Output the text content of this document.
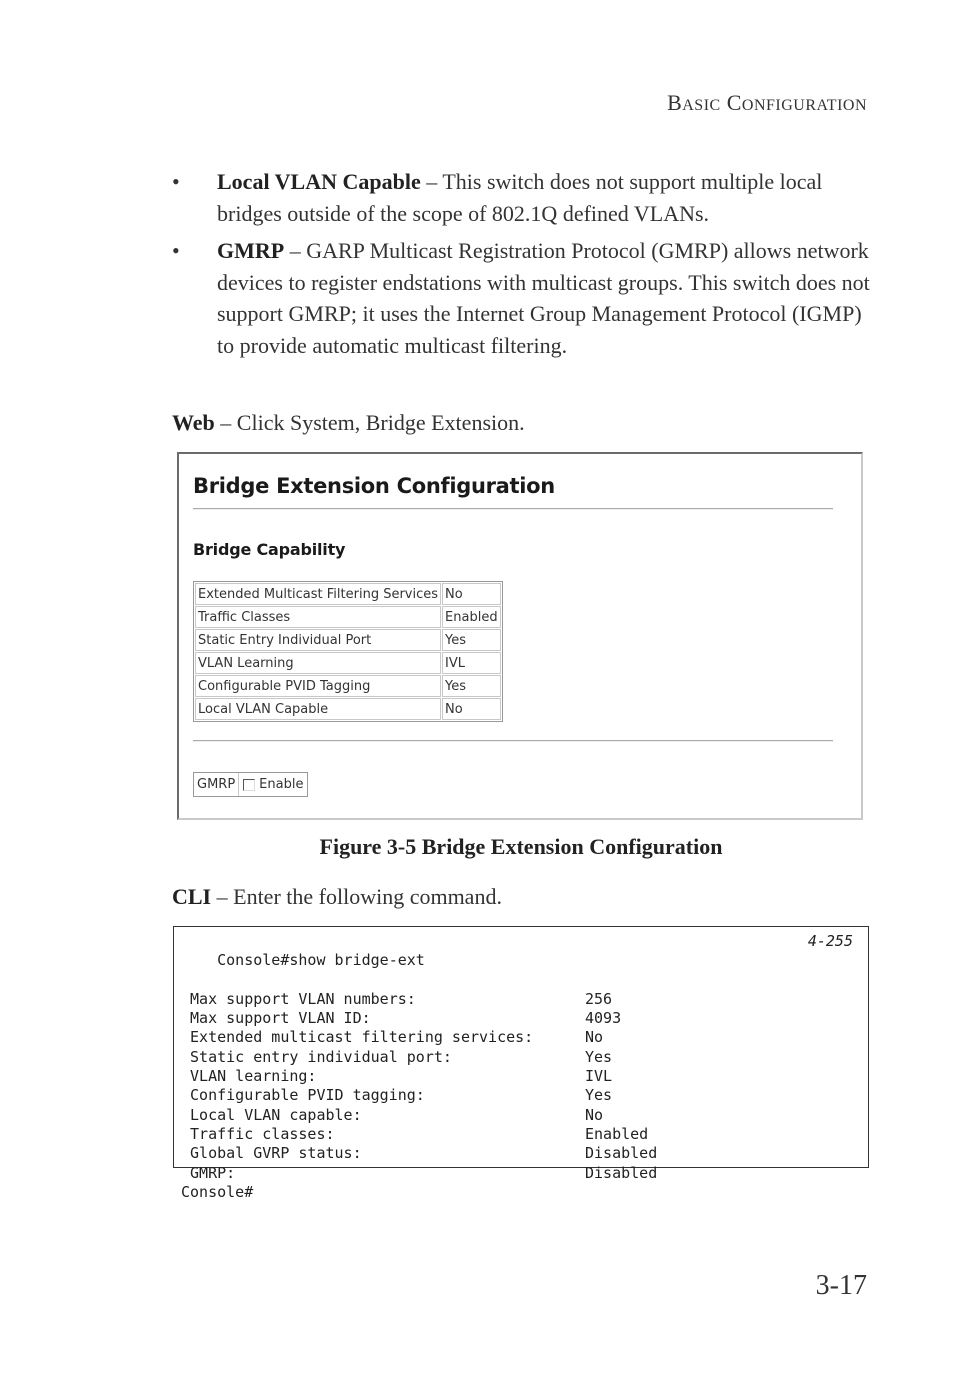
BASIC CONFIGURATION
• Local VLAN Capable – This switch does not support multiple local bridges outside of the scope of 802.1Q defined VLANs.
• GMRP – GARP Multicast Registration Protocol (GMRP) allows network devices to register endstations with multicast groups. This switch does not support GMRP; it uses the Internet Group Management Protocol (IGMP) to provide automatic multicast filtering.
Web – Click System, Bridge Extension.
Bridge Extension Configuration
Bridge Capability
Extended Multicast Filtering Services	No
Traffic Classes	Enabled
Static Entry Individual Port	Yes
VLAN Learning	IVL
Configurable PVID Tagging	Yes
Local VLAN Capable	No
GMRP	Enable
Figure 3-5 Bridge Extension Configuration
CLI – Enter the following command.

Console#show bridge-ext
4-255

Max support VLAN numbers:	256
Max support VLAN ID:	4093
Extended multicast filtering services:	No
Static entry individual port:	Yes
VLAN learning:	IVL
Configurable PVID tagging:	Yes
Local VLAN capable:	No
Traffic classes:	Enabled
Global GVRP status:	Disabled
GMRP:	Disabled
Console#
3-17
